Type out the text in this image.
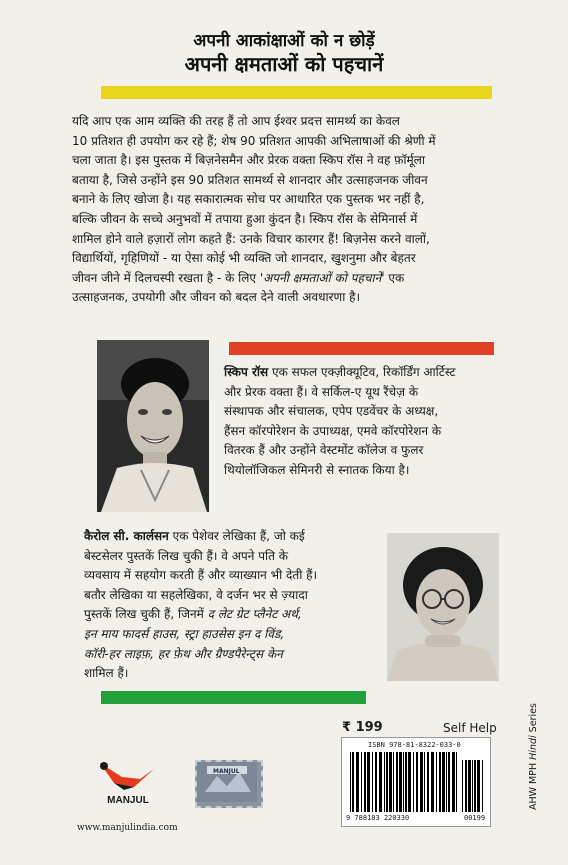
अपनी आकांक्षाओं को न छोड़ें
अपनी क्षमताओं को पहचानें
यदि आप एक आम व्यक्ति की तरह हैं तो आप ईश्वर प्रदत्त सामर्थ्य का केवल
10 प्रतिशत ही उपयोग कर रहे हैं; शेष 90 प्रतिशत आपकी अभिलाषाओं की श्रेणी में
चला जाता है। इस पुस्तक में बिज़नेसमैन और प्रेरक वक्ता स्किप रॉस ने वह फ़ॉर्मूला
बताया है, जिसे उन्होंने इस 90 प्रतिशत सामर्थ्य से शानदार और उत्साहजनक जीवन
बनाने के लिए खोजा है। यह सकारात्मक सोच पर आधारित एक पुस्तक भर नहीं है,
बल्कि जीवन के सच्चे अनुभवों में तपाया हुआ कुंदन है। स्किप रॉस के सेमिनार्स में
शामिल होने वाले हज़ारों लोग कहते हैं: उनके विचार कारगर हैं! बिज़नेस करने वालों,
विद्यार्थियों, गृहिणियों - या ऐसा कोई भी व्यक्ति जो शानदार, खुशनुमा और बेहतर
जीवन जीने में दिलचस्पी रखता है - के लिए 'अपनी क्षमताओं को पहचानें' एक
उत्साहजनक, उपयोगी और जीवन को बदल देने वाली अवधारणा है।
स्किप रॉस एक सफल एक्ज़ीक्यूटिव, रिकॉर्डिंग आर्टिस्ट
और प्रेरक वक्ता हैं। वे सर्किल-ए यूथ रैंचेज़ के
संस्थापक और संचालक, एपेप एडवेंचर के अध्यक्ष,
हैंसन कॉरपोरेशन के उपाध्यक्ष, एमवे कॉरपोरेशन के
वितरक हैं और उन्होंने वेस्टमोंट कॉलेज व फुलर
थियोलॉजिकल सेमिनरी से स्नातक किया है।
कैरोल सी. कार्लसन एक पेशेवर लेखिका हैं, जो कई
बेस्टसेलर पुस्तकें लिख चुकी हैं। वे अपने पति के
व्यवसाय में सहयोग करती हैं और व्याख्यान भी देती हैं।
बतौर लेखिका या सहलेखिका, वे दर्जन भर से ज़्यादा
पुस्तकें लिख चुकी हैं, जिनमें द लेट ग्रेट प्लैनेट अर्थ,
इन माय फादर्स हाउस, स्ट्रा हाउसेस इन द विंड,
कॉरी-हर लाइफ़, हर फ़ेथ और ग्रैण्डपैरेन्ट्स केन
शामिल हैं।
₹ 199	Self Help
ISBN 978-81-8322-033-0
9 788183 220330	00199
AHW MPH Hindi Series
MANJUL
MANJUL
www.manjulindia.com
